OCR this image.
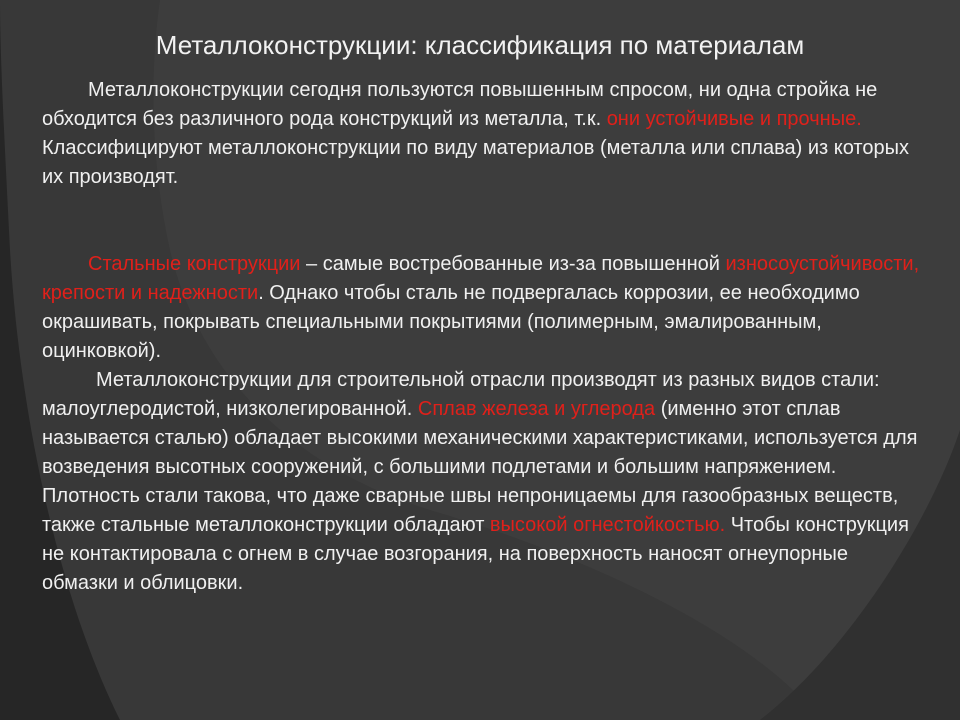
Металлоконструкции: классификация по материалам

Металлоконструкции сегодня пользуются повышенным спросом, ни одна стройка не обходится без различного рода конструкций из металла, т.к. они устойчивые и прочные. Классифицируют металлоконструкции по виду материалов (металла или сплава) из которых их производят.

Стальные конструкции – самые востребованные из-за повышенной износоустойчивости, крепости и надежности. Однако чтобы сталь не подвергалась коррозии, ее необходимо окрашивать, покрывать специальными покрытиями (полимерным, эмалированным, оцинковкой).

Металлоконструкции для строительной отрасли производят из разных видов стали: малоуглеродистой, низколегированной. Сплав железа и углерода (именно этот сплав называется сталью) обладает высокими механическими характеристиками, используется для возведения высотных сооружений, с большими подлетами и большим напряжением.

Плотность стали такова, что даже сварные швы непроницаемы для газообразных веществ, также стальные металлоконструкции обладают высокой огнестойкостью. Чтобы конструкция не контактировала с огнем в случае возгорания, на поверхность наносят огнеупорные обмазки и облицовки.
